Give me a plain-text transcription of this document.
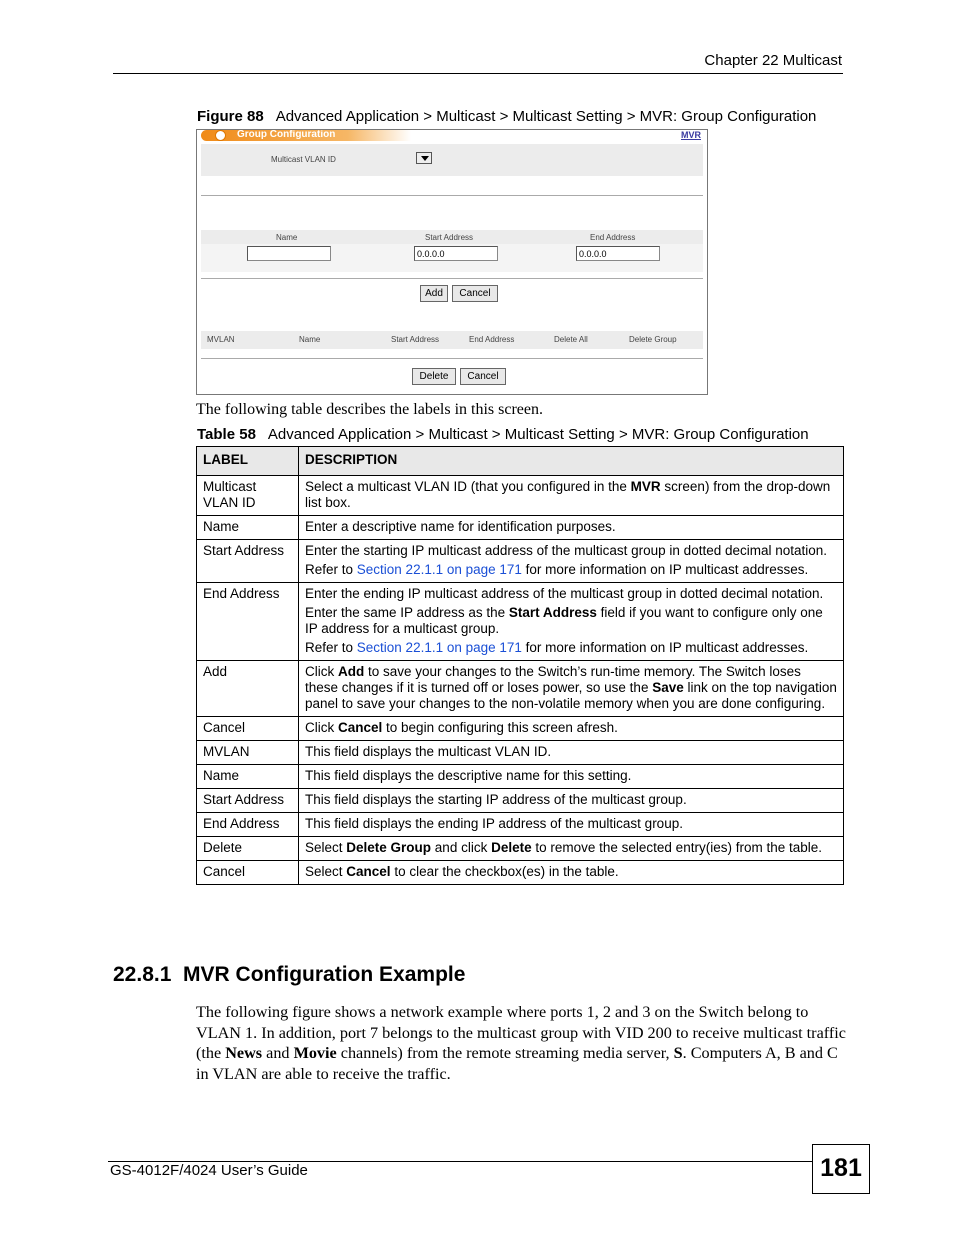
Chapter 22 Multicast
Figure 88 Advanced Application > Multicast > Multicast Setting > MVR: Group Configuration
Group Configuration	MVR
Multicast VLAN ID
Name	Start Address	End Address
0.0.0.0
0.0.0.0
Add	Cancel
MVLAN	Name	Start Address	End Address	Delete All	Delete Group
Delete	Cancel
The following table describes the labels in this screen.
Table 58 Advanced Application > Multicast > Multicast Setting > MVR: Group Configuration
LABEL	DESCRIPTION
Multicast VLAN ID	Select a multicast VLAN ID (that you configured in the MVR screen) from the drop-down list box.

Name	Enter a descriptive name for identification purposes.

Start Address	Enter the starting IP multicast address of the multicast group in dotted decimal notation.

Refer to Section 22.1.1 on page 171 for more information on IP multicast addresses.

End Address	Enter the ending IP multicast address of the multicast group in dotted decimal notation.

Enter the same IP address as the Start Address field if you want to configure only one IP address for a multicast group.

Refer to Section 22.1.1 on page 171 for more information on IP multicast addresses.

Add	Click Add to save your changes to the Switch’s run-time memory. The Switch loses these changes if it is turned off or loses power, so use the Save link on the top navigation panel to save your changes to the non-volatile memory when you are done configuring.

Cancel	Click Cancel to begin configuring this screen afresh.

MVLAN	This field displays the multicast VLAN ID.

Name	This field displays the descriptive name for this setting.

Start Address	This field displays the starting IP address of the multicast group.

End Address	This field displays the ending IP address of the multicast group.

Delete	Select Delete Group and click Delete to remove the selected entry(ies) from the table.

Cancel	Select Cancel to clear the checkbox(es) in the table.

22.8.1  MVR Configuration Example
The following figure shows a network example where ports 1, 2 and 3 on the Switch belong to VLAN 1. In addition, port 7 belongs to the multicast group with VID 200 to receive multicast traffic (the News and Movie channels) from the remote streaming media server, S. Computers A, B and C in VLAN are able to receive the traffic.
GS-4012F/4024 User’s Guide	181
